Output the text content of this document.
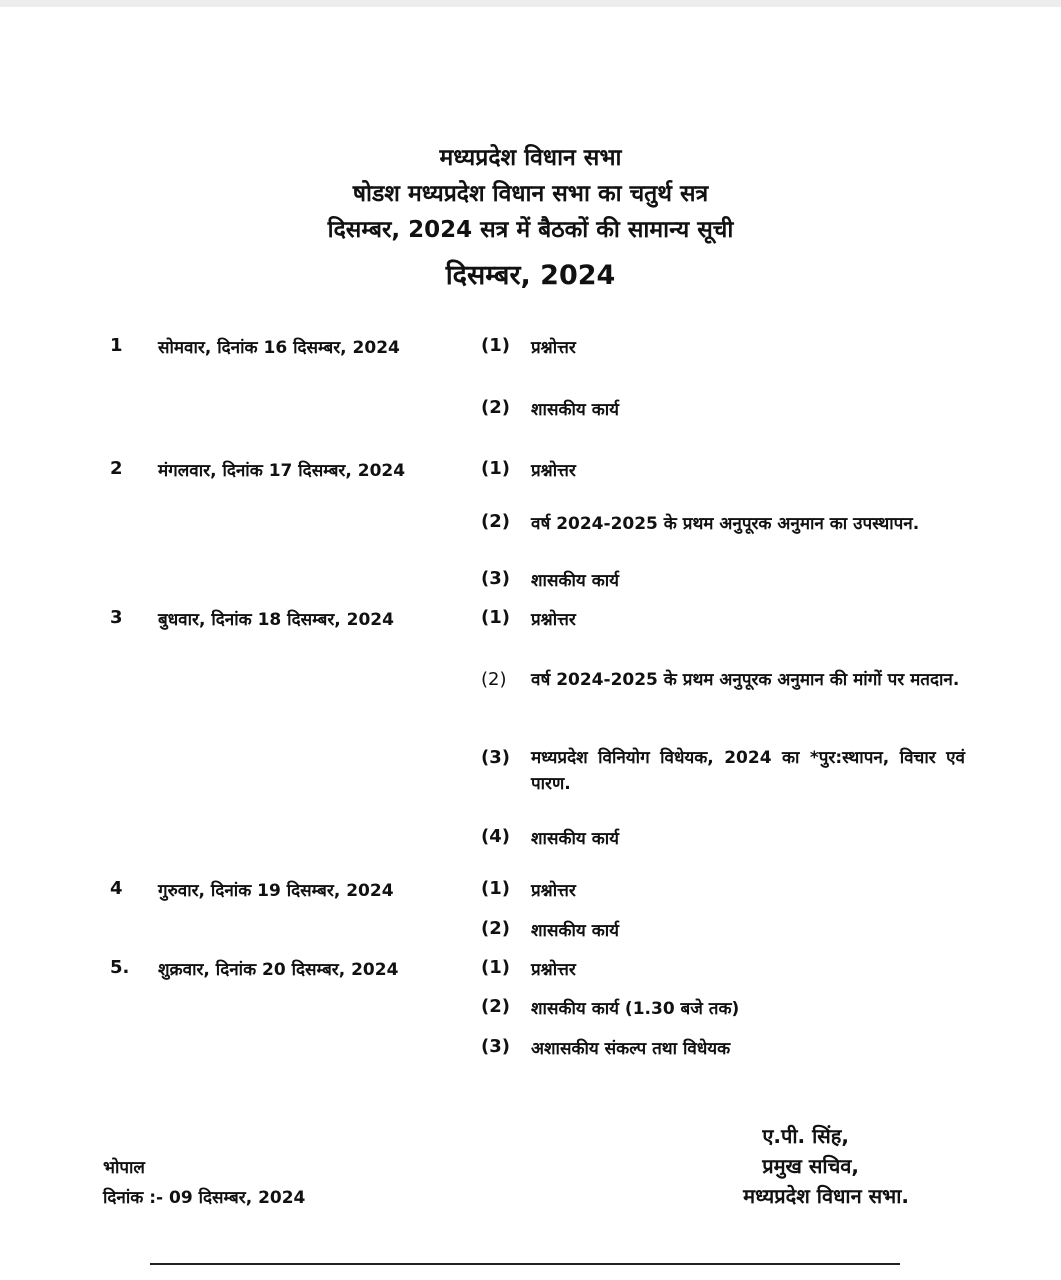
मध्यप्रदेश विधान सभा
षोडश मध्यप्रदेश विधान सभा का चतुर्थ सत्र
दिसम्बर, 2024 सत्र में बैठकों की सामान्य सूची
दिसम्बर, 2024
1 सोमवार, दिनांक 16 दिसम्बर, 2024	(1) प्रश्नोत्तर
(2) शासकीय कार्य
2 मंगलवार, दिनांक 17 दिसम्बर, 2024	(1) प्रश्नोत्तर
(2) वर्ष 2024-2025 के प्रथम अनुपूरक अनुमान का उपस्थापन.
(3) शासकीय कार्य
3 बुधवार, दिनांक 18 दिसम्बर, 2024	(1) प्रश्नोत्तर
(2) वर्ष 2024-2025 के प्रथम अनुपूरक अनुमान की मांगों पर मतदान.
(3) मध्यप्रदेश विनियोग विधेयक, 2024 का *पुर:स्थापन, विचार एवं पारण.
(4) शासकीय कार्य
4 गुरुवार, दिनांक 19 दिसम्बर, 2024	(1) प्रश्नोत्तर
(2) शासकीय कार्य
5. शुक्रवार, दिनांक 20 दिसम्बर, 2024	(1) प्रश्नोत्तर
(2) शासकीय कार्य (1.30 बजे तक)
(3) अशासकीय संकल्प तथा विधेयक
भोपाल
दिनांक :- 09 दिसम्बर, 2024
ए.पी. सिंह,
प्रमुख सचिव,
मध्यप्रदेश विधान सभा.
